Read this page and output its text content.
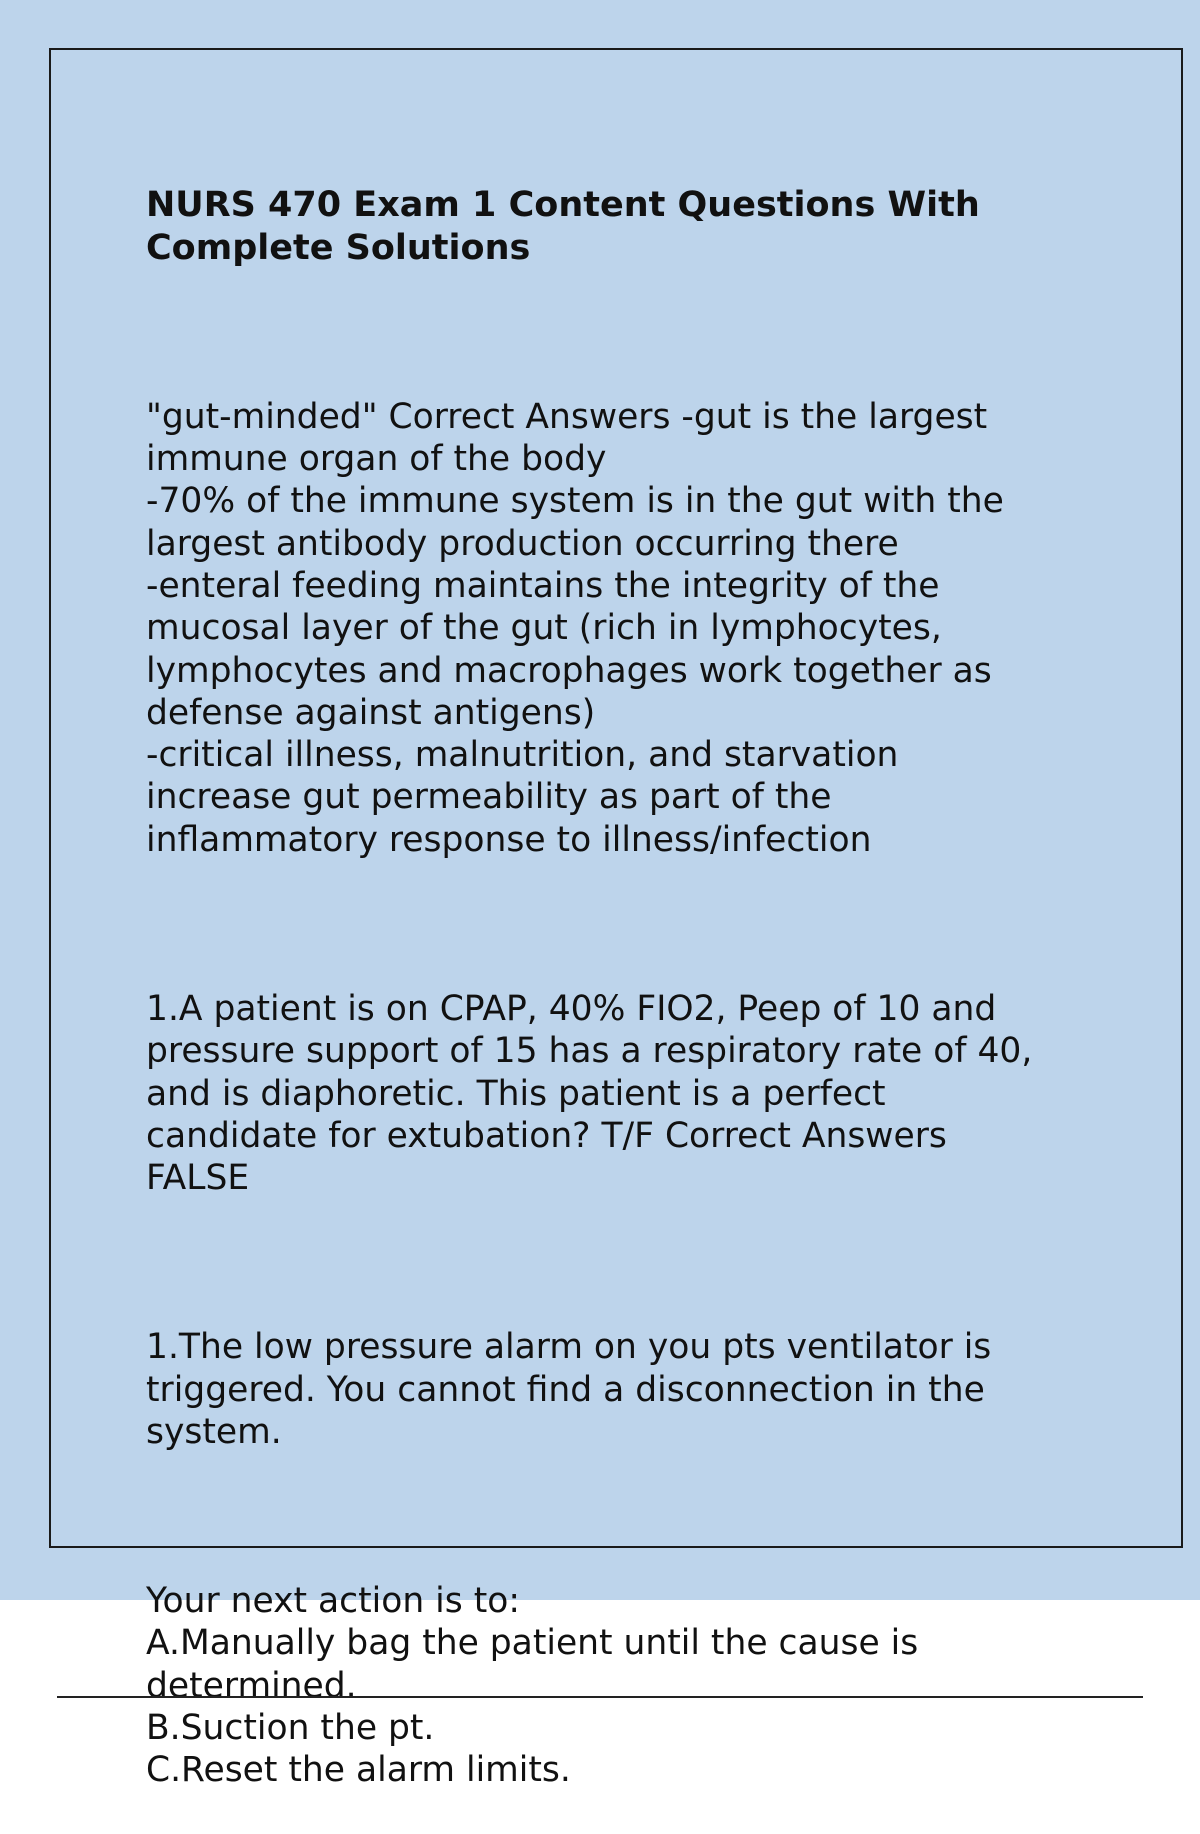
NURS 470 Exam 1 Content Questions With
Complete Solutions

"gut-minded" Correct Answers -gut is the largest
immune organ of the body
-70% of the immune system is in the gut with the
largest antibody production occurring there
-enteral feeding maintains the integrity of the
mucosal layer of the gut (rich in lymphocytes,
lymphocytes and macrophages work together as
defense against antigens)
-critical illness, malnutrition, and starvation
increase gut permeability as part of the
inflammatory response to illness/infection

1.A patient is on CPAP, 40% FIO2, Peep of 10 and
pressure support of 15 has a respiratory rate of 40,
and is diaphoretic. This patient is a perfect
candidate for extubation? T/F Correct Answers
FALSE

1.The low pressure alarm on you pts ventilator is
triggered. You cannot find a disconnection in the
system.

Your next action is to:
A.Manually bag the patient until the cause is
determined.
B.Suction the pt.
C.Reset the alarm limits.
